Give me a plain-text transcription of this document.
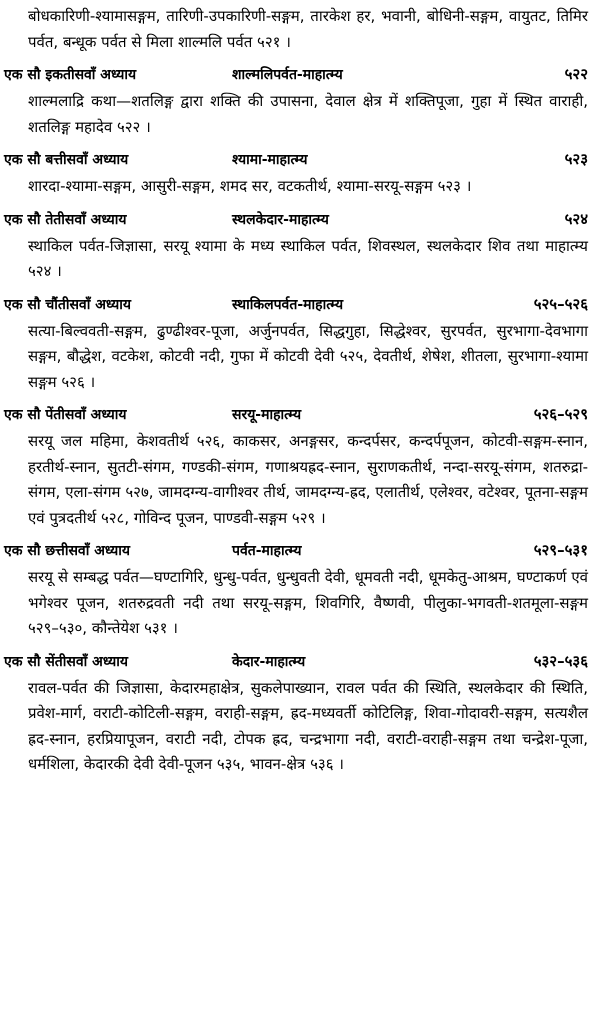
बोधकारिणी-श्यामासङ्गम, तारिणी-उपकारिणी-सङ्गम, तारकेश हर, भवानी, बोधिनी-सङ्गम, वायुतट, तिमिर पर्वत, बन्धूक पर्वत से मिला शाल्मलि पर्वत ५२१ ।

एक सौ इकतीसवाँ अध्याय	शाल्मलिपर्वत-माहात्म्य	५२२

शाल्मलाद्रि कथा—शतलिङ्ग द्वारा शक्ति की उपासना, देवाल क्षेत्र में शक्तिपूजा, गुहा में स्थित वाराही, शतलिङ्ग महादेव ५२२ ।

एक सौ बत्तीसवाँ अध्याय	श्यामा-माहात्म्य	५२३

शारदा-श्यामा-सङ्गम, आसुरी-सङ्गम, शमद सर, वटकतीर्थ, श्यामा-सरयू-सङ्गम ५२३ ।

एक सौ तेतीसवाँ अध्याय	स्थलकेदार-माहात्म्य	५२४

स्थाकिल पर्वत-जिज्ञासा, सरयू श्यामा के मध्य स्थाकिल पर्वत, शिवस्थल, स्थलकेदार शिव तथा माहात्म्य ५२४ ।

एक सौ चौंतीसवाँ अध्याय	स्थाकिलपर्वत-माहात्म्य	५२५–५२६

सत्या-बिल्ववती-सङ्गम, ढुण्ढीश्वर-पूजा, अर्जुनपर्वत, सिद्धगुहा, सिद्धेश्वर, सुरपर्वत, सुरभागा-देवभागा सङ्गम, बौद्धेश, वटकेश, कोटवी नदी, गुफा में कोटवी देवी ५२५, देवतीर्थ, शेषेश, शीतला, सुरभागा-श्यामा सङ्गम ५२६ ।

एक सौ पेंतीसवाँ अध्याय	सरयू-माहात्म्य	५२६–५२९

सरयू जल महिमा, केशवतीर्थ ५२६, काकसर, अनङ्गसर, कन्दर्पसर, कन्दर्पपूजन, कोटवी-सङ्गम-स्नान, हरतीर्थ-स्नान, सुतटी-संगम, गण्डकी-संगम, गणाश्रयह्रद-स्नान, सुराणकतीर्थ, नन्दा-सरयू-संगम, शतरुद्रा-संगम, एला-संगम ५२७, जामदग्न्य-वागीश्वर तीर्थ, जामदग्न्य-ह्रद, एलातीर्थ, एलेश्वर, वटेश्वर, पूतना-सङ्गम एवं पुत्रदतीर्थ ५२८, गोविन्द पूजन, पाण्डवी-सङ्गम ५२९ ।

एक सौ छत्तीसवाँ अध्याय	पर्वत-माहात्म्य	५२९–५३१

सरयू से सम्बद्ध पर्वत—घण्टागिरि, धुन्धु-पर्वत, धुन्धुवती देवी, धूमवती नदी, धूमकेतु-आश्रम, घण्टाकर्ण एवं भगेश्वर पूजन, शतरुद्रवती नदी तथा सरयू-सङ्गम, शिवगिरि, वैष्णवी, पीलुका-भगवती-शतमूला-सङ्गम ५२९–५३०, कौन्तेयेश ५३१ ।

एक सौ सेंतीसवाँ अध्याय	केदार-माहात्म्य	५३२–५३६

रावल-पर्वत की जिज्ञासा, केदारमहाक्षेत्र, सुकलेपाख्यान, रावल पर्वत की स्थिति, स्थलकेदार की स्थिति, प्रवेश-मार्ग, वराटी-कोटिली-सङ्गम, वराही-सङ्गम, ह्रद-मध्यवर्ती कोटिलिङ्ग, शिवा-गोदावरी-सङ्गम, सत्यशैल ह्रद-स्नान, हरप्रियापूजन, वराटी नदी, टोपक ह्रद, चन्द्रभागा नदी, वराटी-वराही-सङ्गम तथा चन्द्रेश-पूजा, धर्मशिला, केदारकी देवी देवी-पूजन ५३५, भावन-क्षेत्र ५३६ ।
